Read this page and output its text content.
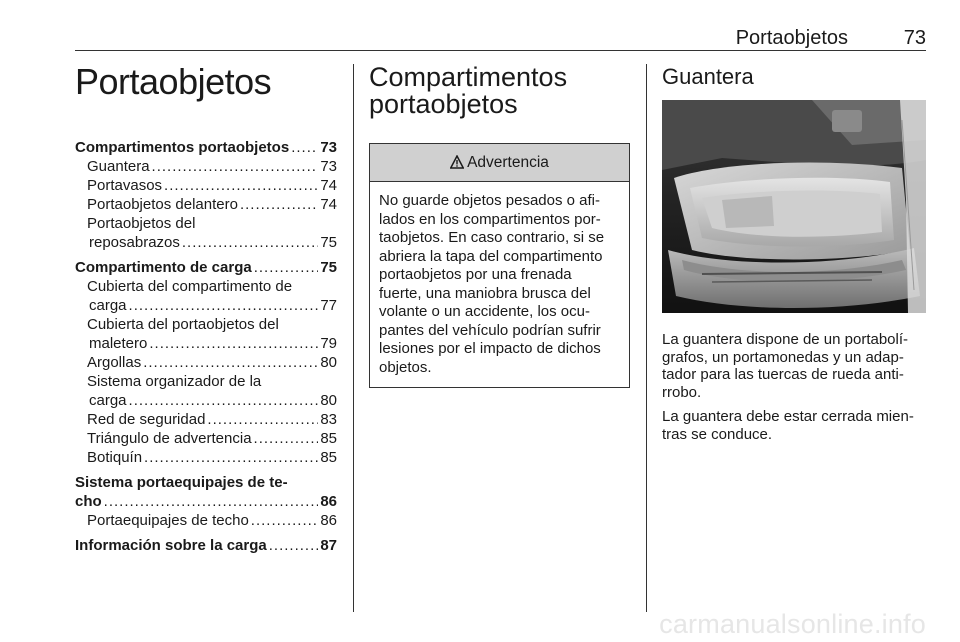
Portaobjetos	73
Portaobjetos
Compartimentos portaobjetos ..... 73
Guantera .....	73
Portavasos .....	74
Portaobjetos delantero .....	74
Portaobjetos del
reposabrazos .....	75
Compartimento de carga .....	75
Cubierta del compartimento de
carga .....	77
Cubierta del portaobjetos del
maletero .....	79
Argollas .....	80
Sistema organizador de la
carga .....	80
Red de seguridad .....	83
Triángulo de advertencia .....	85
Botiquín .....	85
Sistema portaequipajes de te-
cho .....	86
Portaequipajes de techo .....	86
Información sobre la carga .....	87
Compartimentos
portaobjetos
Advertencia
No guarde objetos pesados o afi-
lados en los compartimentos por-
taobjetos. En caso contrario, si se
abriera la tapa del compartimento
portaobjetos por una frenada
fuerte, una maniobra brusca del
volante o un accidente, los ocu-
pantes del vehículo podrían sufrir
lesiones por el impacto de dichos
objetos.
Guantera

La guantera dispone de un portabolí-
grafos, un portamonedas y un adap-
tador para las tuercas de rueda anti-
rrobo.

La guantera debe estar cerrada mien-
tras se conduce.

carmanualsonline.info
